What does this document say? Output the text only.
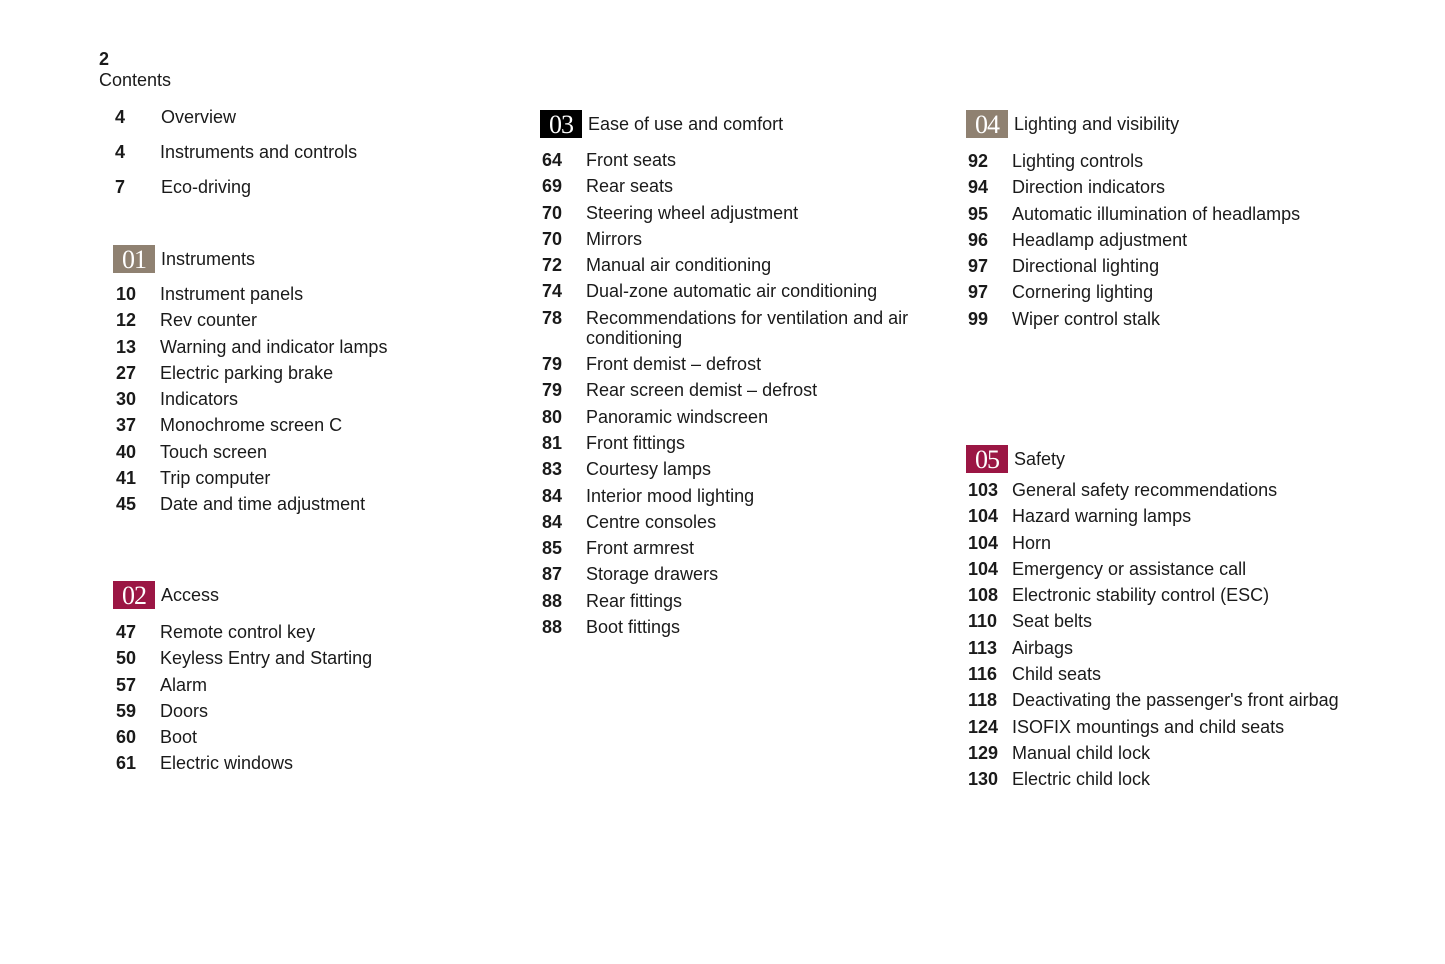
2
Contents
4 Overview
4 Instruments and controls
7 Eco-driving
01 Instruments
10	Instrument panels
12	Rev counter
13	Warning and indicator lamps
27	Electric parking brake
30	Indicators
37	Monochrome screen C
40	Touch screen
41	Trip computer
45	Date and time adjustment
02 Access
47	Remote control key
50	Keyless Entry and Starting
57	Alarm
59	Doors
60	Boot
61	Electric windows
03 Ease of use and comfort
64	Front seats
69	Rear seats
70	Steering wheel adjustment
70	Mirrors
72	Manual air conditioning
74	Dual-zone automatic air conditioning
78	Recommendations for ventilation and air conditioning
79	Front demist – defrost
79	Rear screen demist – defrost
80	Panoramic windscreen
81	Front fittings
83	Courtesy lamps
84	Interior mood lighting
84	Centre consoles
85	Front armrest
87	Storage drawers
88	Rear fittings
88	Boot fittings
04 Lighting and visibility
92	Lighting controls
94	Direction indicators
95	Automatic illumination of headlamps
96	Headlamp adjustment
97	Directional lighting
97	Cornering lighting
99	Wiper control stalk
05 Safety
103 General safety recommendations
104 Hazard warning lamps
104 Horn
104 Emergency or assistance call
108 Electronic stability control (ESC)
110 Seat belts
113 Airbags
116 Child seats
118 Deactivating the passenger's front airbag
124 ISOFIX mountings and child seats
129 Manual child lock
130 Electric child lock
